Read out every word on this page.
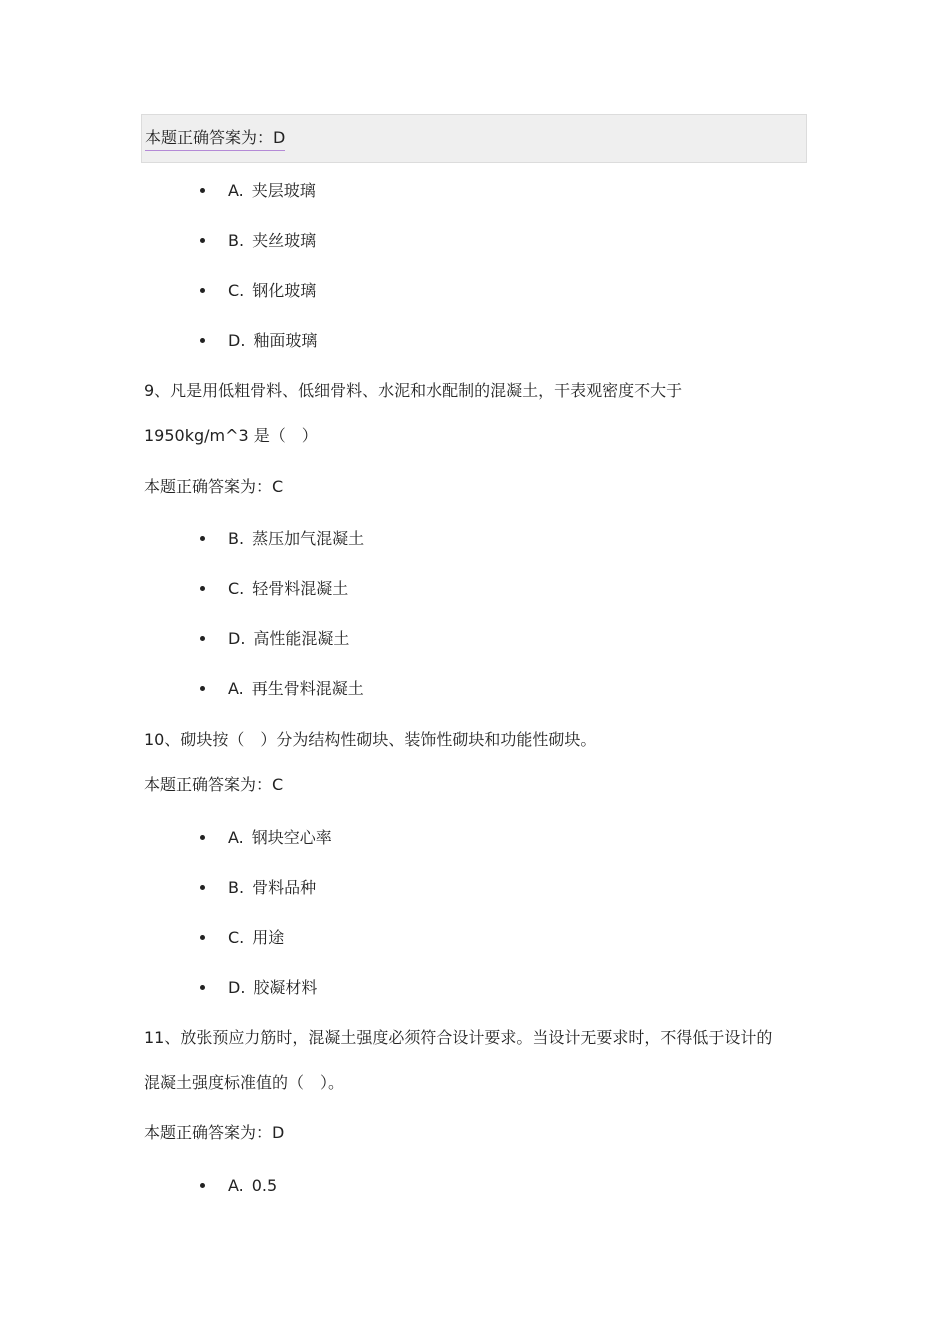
本题正确答案为：D
A. 夹层玻璃
B. 夹丝玻璃
C. 钢化玻璃
D. 釉面玻璃
9、凡是用低粗骨料、低细骨料、水泥和水配制的混凝土，干表观密度不大于
1950kg/m^3 是（　）
本题正确答案为：C
B. 蒸压加气混凝土
C. 轻骨料混凝土
D. 高性能混凝土
A. 再生骨料混凝土
10、砌块按（　）分为结构性砌块、装饰性砌块和功能性砌块。
本题正确答案为：C
A. 钢块空心率
B. 骨料品种
C. 用途
D. 胶凝材料
11、放张预应力筋时，混凝土强度必须符合设计要求。当设计无要求时，不得低于设计的
混凝土强度标准值的（　）。
本题正确答案为：D
A. 0.5
